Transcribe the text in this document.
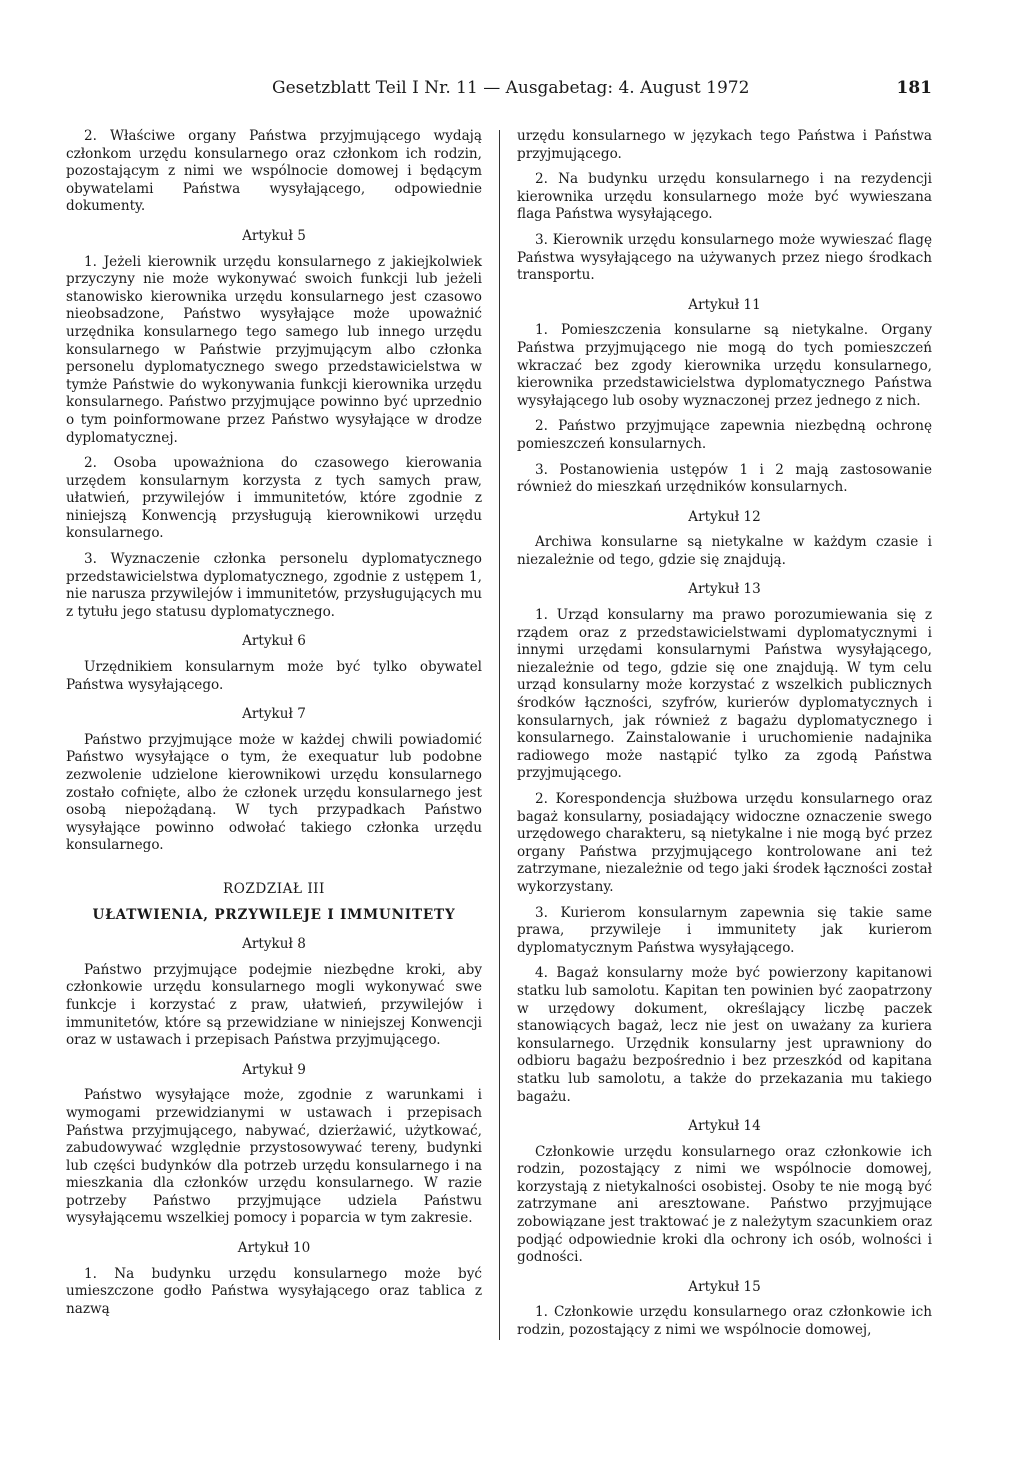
Gesetzblatt Teil I Nr. 11 — Ausgabetag: 4. August 1972	181

2. Właściwe organy Państwa przyjmującego wydają członkom urzędu konsularnego oraz członkom ich rodzin, pozostającym z nimi we wspólnocie domowej i będącym obywatelami Państwa wysyłającego, odpowiednie dokumenty.

Artykuł 5

1. Jeżeli kierownik urzędu konsularnego z jakiejkolwiek przyczyny nie może wykonywać swoich funkcji lub jeżeli stanowisko kierownika urzędu konsularnego jest czasowo nieobsadzone, Państwo wysyłające może upoważnić urzędnika konsularnego tego samego lub innego urzędu konsularnego w Państwie przyjmującym albo członka personelu dyplomatycznego swego przedstawicielstwa w tymże Państwie do wykonywania funkcji kierownika urzędu konsularnego. Państwo przyjmujące powinno być uprzednio o tym poinformowane przez Państwo wysyłające w drodze dyplomatycznej.

2. Osoba upoważniona do czasowego kierowania urzędem konsularnym korzysta z tych samych praw, ułatwień, przywilejów i immunitetów, które zgodnie z niniejszą Konwencją przysługują kierownikowi urzędu konsularnego.

3. Wyznaczenie członka personelu dyplomatycznego przedstawicielstwa dyplomatycznego, zgodnie z ustępem 1, nie narusza przywilejów i immunitetów, przysługujących mu z tytułu jego statusu dyplomatycznego.

Artykuł 6

Urzędnikiem konsularnym może być tylko obywatel Państwa wysyłającego.

Artykuł 7

Państwo przyjmujące może w każdej chwili powiadomić Państwo wysyłające o tym, że exequatur lub podobne zezwolenie udzielone kierownikowi urzędu konsularnego zostało cofnięte, albo że członek urzędu konsularnego jest osobą niepożądaną. W tych przypadkach Państwo wysyłające powinno odwołać takiego członka urzędu konsularnego.

ROZDZIAŁ III

UŁATWIENIA, PRZYWILEJE I IMMUNITETY

Artykuł 8

Państwo przyjmujące podejmie niezbędne kroki, aby członkowie urzędu konsularnego mogli wykonywać swe funkcje i korzystać z praw, ułatwień, przywilejów i immunitetów, które są przewidziane w niniejszej Konwencji oraz w ustawach i przepisach Państwa przyjmującego.

Artykuł 9

Państwo wysyłające może, zgodnie z warunkami i wymogami przewidzianymi w ustawach i przepisach Państwa przyjmującego, nabywać, dzierżawić, użytkować, zabudowywać względnie przystosowywać tereny, budynki lub części budynków dla potrzeb urzędu konsularnego i na mieszkania dla członków urzędu konsularnego. W razie potrzeby Państwo przyjmujące udziela Państwu wysyłającemu wszelkiej pomocy i poparcia w tym zakresie.

Artykuł 10

1. Na budynku urzędu konsularnego może być umieszczone godło Państwa wysyłającego oraz tablica z nazwą

urzędu konsularnego w językach tego Państwa i Państwa przyjmującego.

2. Na budynku urzędu konsularnego i na rezydencji kierownika urzędu konsularnego może być wywieszana flaga Państwa wysyłającego.

3. Kierownik urzędu konsularnego może wywieszać flagę Państwa wysyłającego na używanych przez niego środkach transportu.

Artykuł 11

1. Pomieszczenia konsularne są nietykalne. Organy Państwa przyjmującego nie mogą do tych pomieszczeń wkraczać bez zgody kierownika urzędu konsularnego, kierownika przedstawicielstwa dyplomatycznego Państwa wysyłającego lub osoby wyznaczonej przez jednego z nich.

2. Państwo przyjmujące zapewnia niezbędną ochronę pomieszczeń konsularnych.

3. Postanowienia ustępów 1 i 2 mają zastosowanie również do mieszkań urzędników konsularnych.

Artykuł 12

Archiwa konsularne są nietykalne w każdym czasie i niezależnie od tego, gdzie się znajdują.

Artykuł 13

1. Urząd konsularny ma prawo porozumiewania się z rządem oraz z przedstawicielstwami dyplomatycznymi i innymi urzędami konsularnymi Państwa wysyłającego, niezależnie od tego, gdzie się one znajdują. W tym celu urząd konsularny może korzystać z wszelkich publicznych środków łączności, szyfrów, kurierów dyplomatycznych i konsularnych, jak również z bagażu dyplomatycznego i konsularnego. Zainstalowanie i uruchomienie nadajnika radiowego może nastąpić tylko za zgodą Państwa przyjmującego.

2. Korespondencja służbowa urzędu konsularnego oraz bagaż konsularny, posiadający widoczne oznaczenie swego urzędowego charakteru, są nietykalne i nie mogą być przez organy Państwa przyjmującego kontrolowane ani też zatrzymane, niezależnie od tego jaki środek łączności został wykorzystany.

3. Kurierom konsularnym zapewnia się takie same prawa, przywileje i immunitety jak kurierom dyplomatycznym Państwa wysyłającego.

4. Bagaż konsularny może być powierzony kapitanowi statku lub samolotu. Kapitan ten powinien być zaopatrzony w urzędowy dokument, określający liczbę paczek stanowiących bagaż, lecz nie jest on uważany za kuriera konsularnego. Urzędnik konsularny jest uprawniony do odbioru bagażu bezpośrednio i bez przeszkód od kapitana statku lub samolotu, a także do przekazania mu takiego bagażu.

Artykuł 14

Członkowie urzędu konsularnego oraz członkowie ich rodzin, pozostający z nimi we wspólnocie domowej, korzystają z nietykalności osobistej. Osoby te nie mogą być zatrzymane ani aresztowane. Państwo przyjmujące zobowiązane jest traktować je z należytym szacunkiem oraz podjąć odpowiednie kroki dla ochrony ich osób, wolności i godności.

Artykuł 15

1. Członkowie urzędu konsularnego oraz członkowie ich rodzin, pozostający z nimi we wspólnocie domowej,
